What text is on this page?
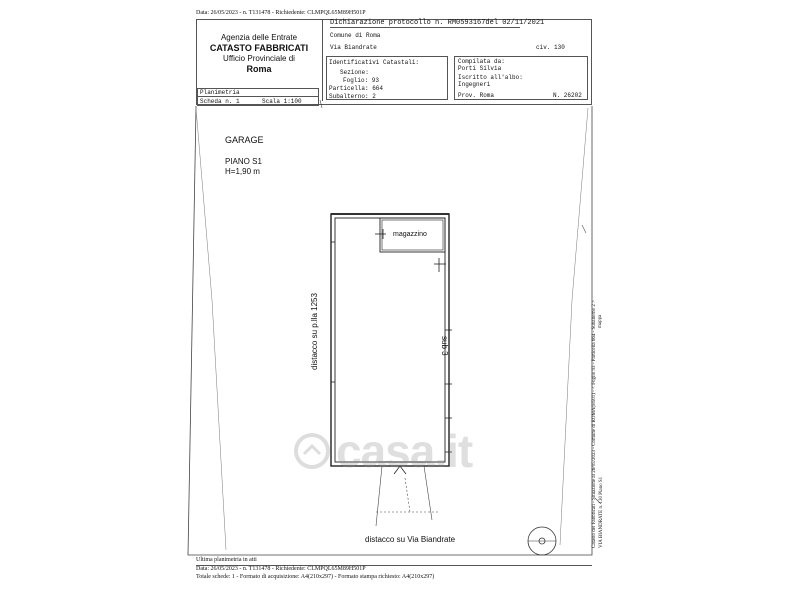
Data: 26/05/2023 - n. T131478 - Richiedente: CLMPQL65M89H501P
Agenzia delle Entrate
CATASTO FABBRICATI
Ufficio Provinciale di
Roma
Dichiarazione protocollo n. RM0593167del 02/11/2021
Comune di Roma
Via Biandrate	civ. 130
Identificativi Catastali:
Sezione:
Foglio: 93
Particella: 664
Subalterno: 2
Compilata da:
Porti Silvia
Iscritto all'albo:
Ingegneri
Prov. Roma	N. 26202
Planimetria
Scheda n. 1	Scala 1:100
casa.it
GARAGE
PIANO S1
H=1,90 m
magazzino
sub 3
distacco su p.lla 1253
distacco su Via Biandrate
mappa
Catasto dei Fabbricati - Situazione al 26/05/2023 - Comune di ROMA(H501) - < Foglio 93 - Particella 664 - Subalterno 2 > VIA BIANDRATE n. 130 Piano S1
Ultima planimetria in atti
Data: 26/05/2023 - n. T131478 - Richiedente: CLMPQL65M89H501P
Totale schede: 1 - Formato di acquisizione: A4(210x297) - Formato stampa richiesto: A4(210x297)
